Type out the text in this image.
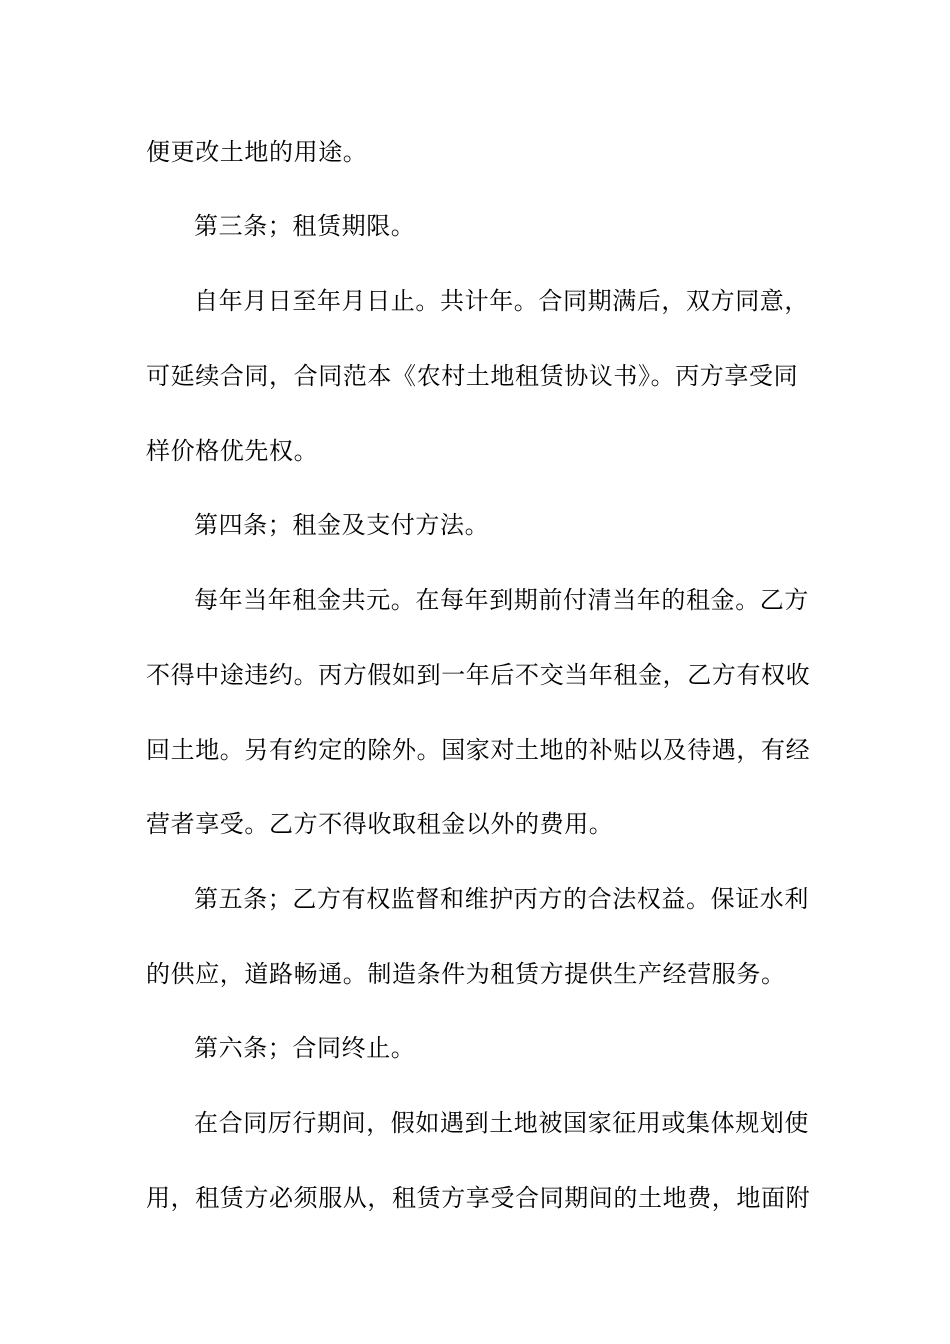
便更改土地的用途。
第三条；租赁期限。
自年月日至年月日止。共计年。合同期满后，双方同意，
可延续合同，合同范本《农村土地租赁协议书》。丙方享受同
样价格优先权。
第四条；租金及支付方法。
每年当年租金共元。在每年到期前付清当年的租金。乙方
不得中途违约。丙方假如到一年后不交当年租金，乙方有权收
回土地。另有约定的除外。国家对土地的补贴以及待遇，有经
营者享受。乙方不得收取租金以外的费用。
第五条；乙方有权监督和维护丙方的合法权益。保证水利
的供应，道路畅通。制造条件为租赁方提供生产经营服务。
第六条；合同终止。
在合同厉行期间，假如遇到土地被国家征用或集体规划使
用，租赁方必须服从，租赁方享受合同期间的土地费，地面附
